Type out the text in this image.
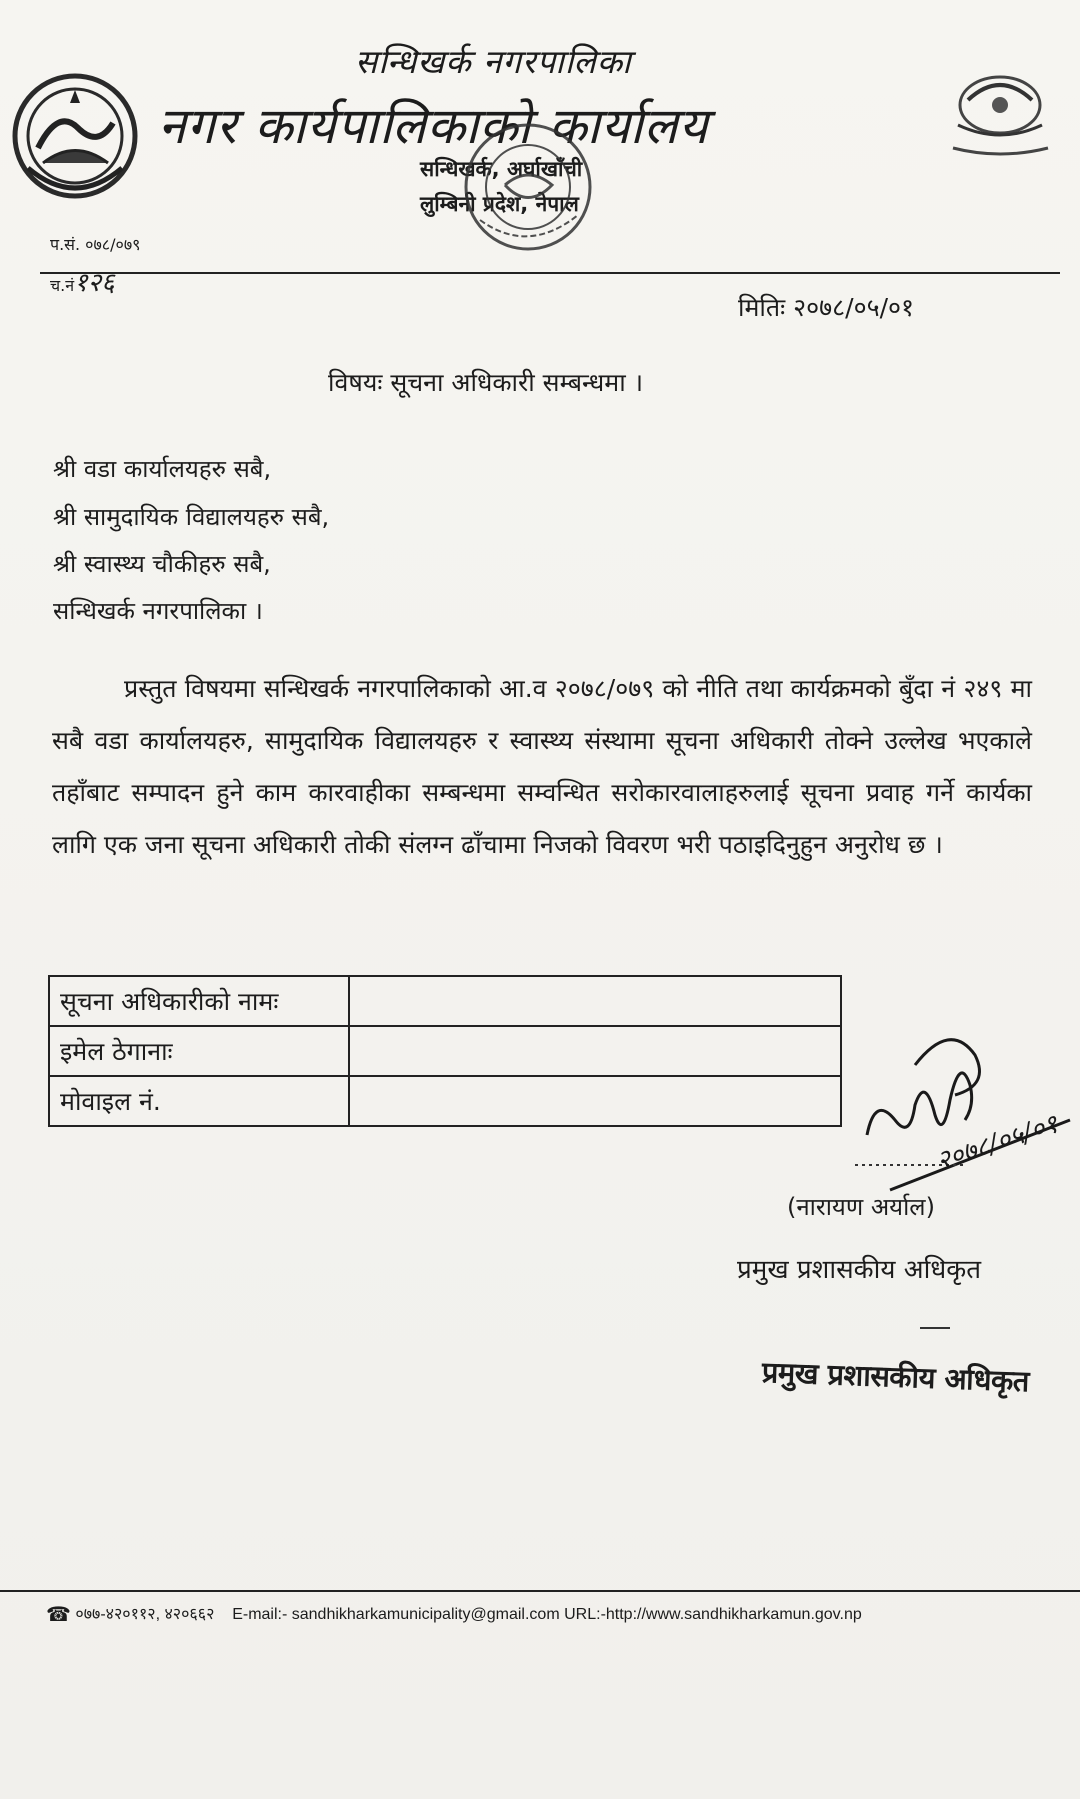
सन्धिखर्क नगरपालिका
नगर कार्यपालिकाको कार्यालय
सन्धिखर्क, अर्घाखाँची
लुम्बिनी प्रदेश, नेपाल
प.सं. ०७८/०७९
च.नं१२६
मितिः २०७८/०५/०१
विषयः सूचना अधिकारी सम्बन्धमा ।
श्री वडा कार्यालयहरु सबै,
श्री सामुदायिक विद्यालयहरु सबै,
श्री स्वास्थ्य चौकीहरु सबै,
सन्धिखर्क नगरपालिका ।
प्रस्तुत विषयमा सन्धिखर्क नगरपालिकाको आ.व २०७८/०७९ को नीति तथा कार्यक्रमको बुँदा नं २४९ मा सबै वडा कार्यालयहरु, सामुदायिक विद्यालयहरु र स्वास्थ्य संस्थामा सूचना अधिकारी तोक्ने उल्लेख भएकाले तहाँबाट सम्पादन हुने काम कारवाहीका सम्बन्धमा सम्वन्धित सरोकारवालाहरुलाई सूचना प्रवाह गर्ने कार्यका लागि एक जना सूचना अधिकारी तोकी संलग्न ढाँचामा निजको विवरण भरी पठाइदिनुहुन अनुरोध छ ।
सूचना अधिकारीको नामः	
इमेल ठेगानाः	
मोवाइल नं.	
२०७८/०५/०१
(नारायण अर्याल)
प्रमुख प्रशासकीय अधिकृत
प्रमुख प्रशासकीय अधिकृत
☎ ०७७-४२०११२, ४२०६६२ E-mail:- sandhikharkamunicipality@gmail.com URL:-http://www.sandhikharkamun.gov.np
